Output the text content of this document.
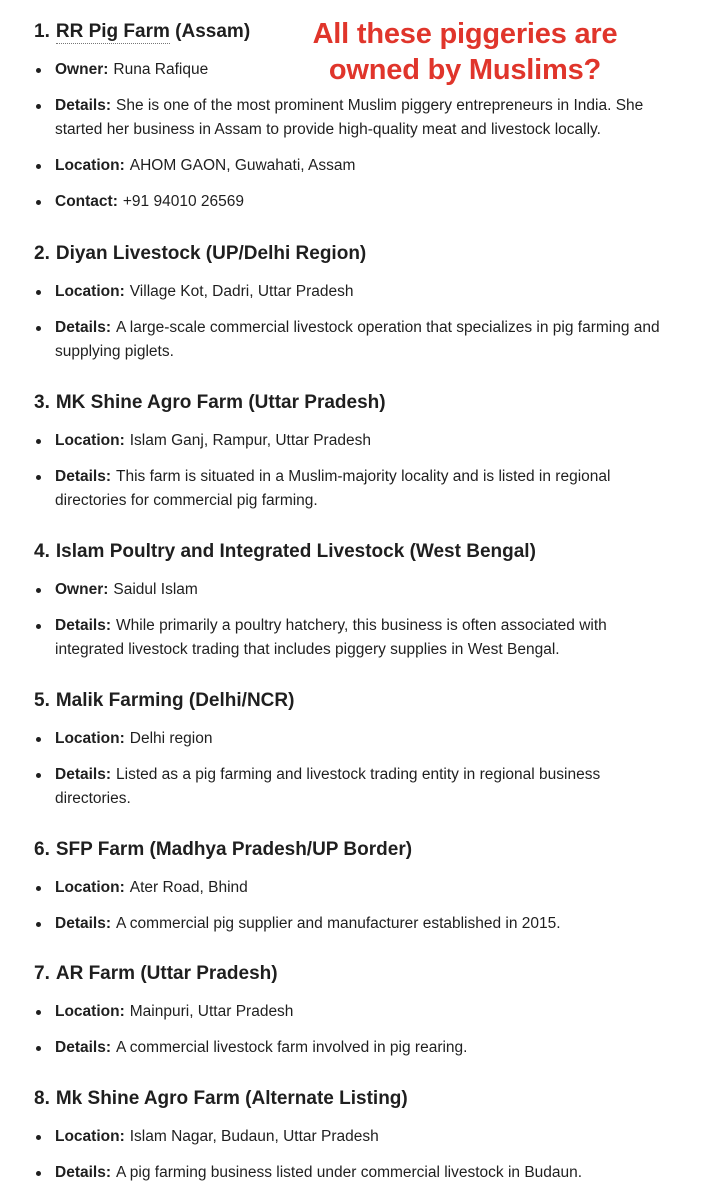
All these piggeries are
owned by Muslims?
1. RR Pig Farm (Assam)
Owner: Runa Rafique
Details: She is one of the most prominent Muslim piggery entrepreneurs in India. She started her business in Assam to provide high-quality meat and livestock locally.
Location: AHOM GAON, Guwahati, Assam
Contact: +91 94010 26569
2. Diyan Livestock (UP/Delhi Region)
Location: Village Kot, Dadri, Uttar Pradesh
Details: A large-scale commercial livestock operation that specializes in pig farming and supplying piglets.
3. MK Shine Agro Farm (Uttar Pradesh)
Location: Islam Ganj, Rampur, Uttar Pradesh
Details: This farm is situated in a Muslim-majority locality and is listed in regional directories for commercial pig farming.
4. Islam Poultry and Integrated Livestock (West Bengal)
Owner: Saidul Islam
Details: While primarily a poultry hatchery, this business is often associated with integrated livestock trading that includes piggery supplies in West Bengal.
5. Malik Farming (Delhi/NCR)
Location: Delhi region
Details: Listed as a pig farming and livestock trading entity in regional business directories.
6. SFP Farm (Madhya Pradesh/UP Border)
Location: Ater Road, Bhind
Details: A commercial pig supplier and manufacturer established in 2015.
7. AR Farm (Uttar Pradesh)
Location: Mainpuri, Uttar Pradesh
Details: A commercial livestock farm involved in pig rearing.
8. Mk Shine Agro Farm (Alternate Listing)
Location: Islam Nagar, Budaun, Uttar Pradesh
Details: A pig farming business listed under commercial livestock in Budaun.
